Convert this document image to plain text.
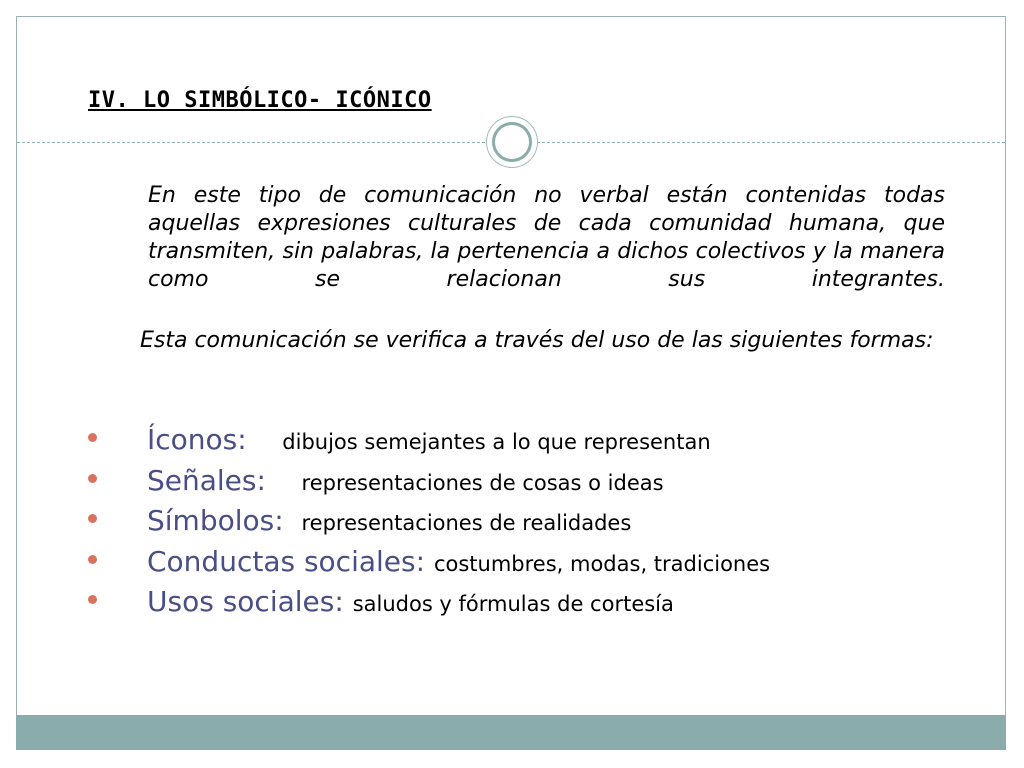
IV. LO SIMBÓLICO- ICÓNICO
En este tipo de comunicación no verbal están contenidas todas aquellas expresiones culturales de cada comunidad humana, que transmiten, sin palabras, la pertenencia a dichos colectivos y la manera como se relacionan sus integrantes.
Esta comunicación se verifica a través del uso de las siguientes formas:
Íconos: dibujos semejantes a lo que representan
Señales: representaciones de cosas o ideas
Símbolos: representaciones de realidades
Conductas sociales: costumbres, modas, tradiciones
Usos sociales: saludos y fórmulas de cortesía
